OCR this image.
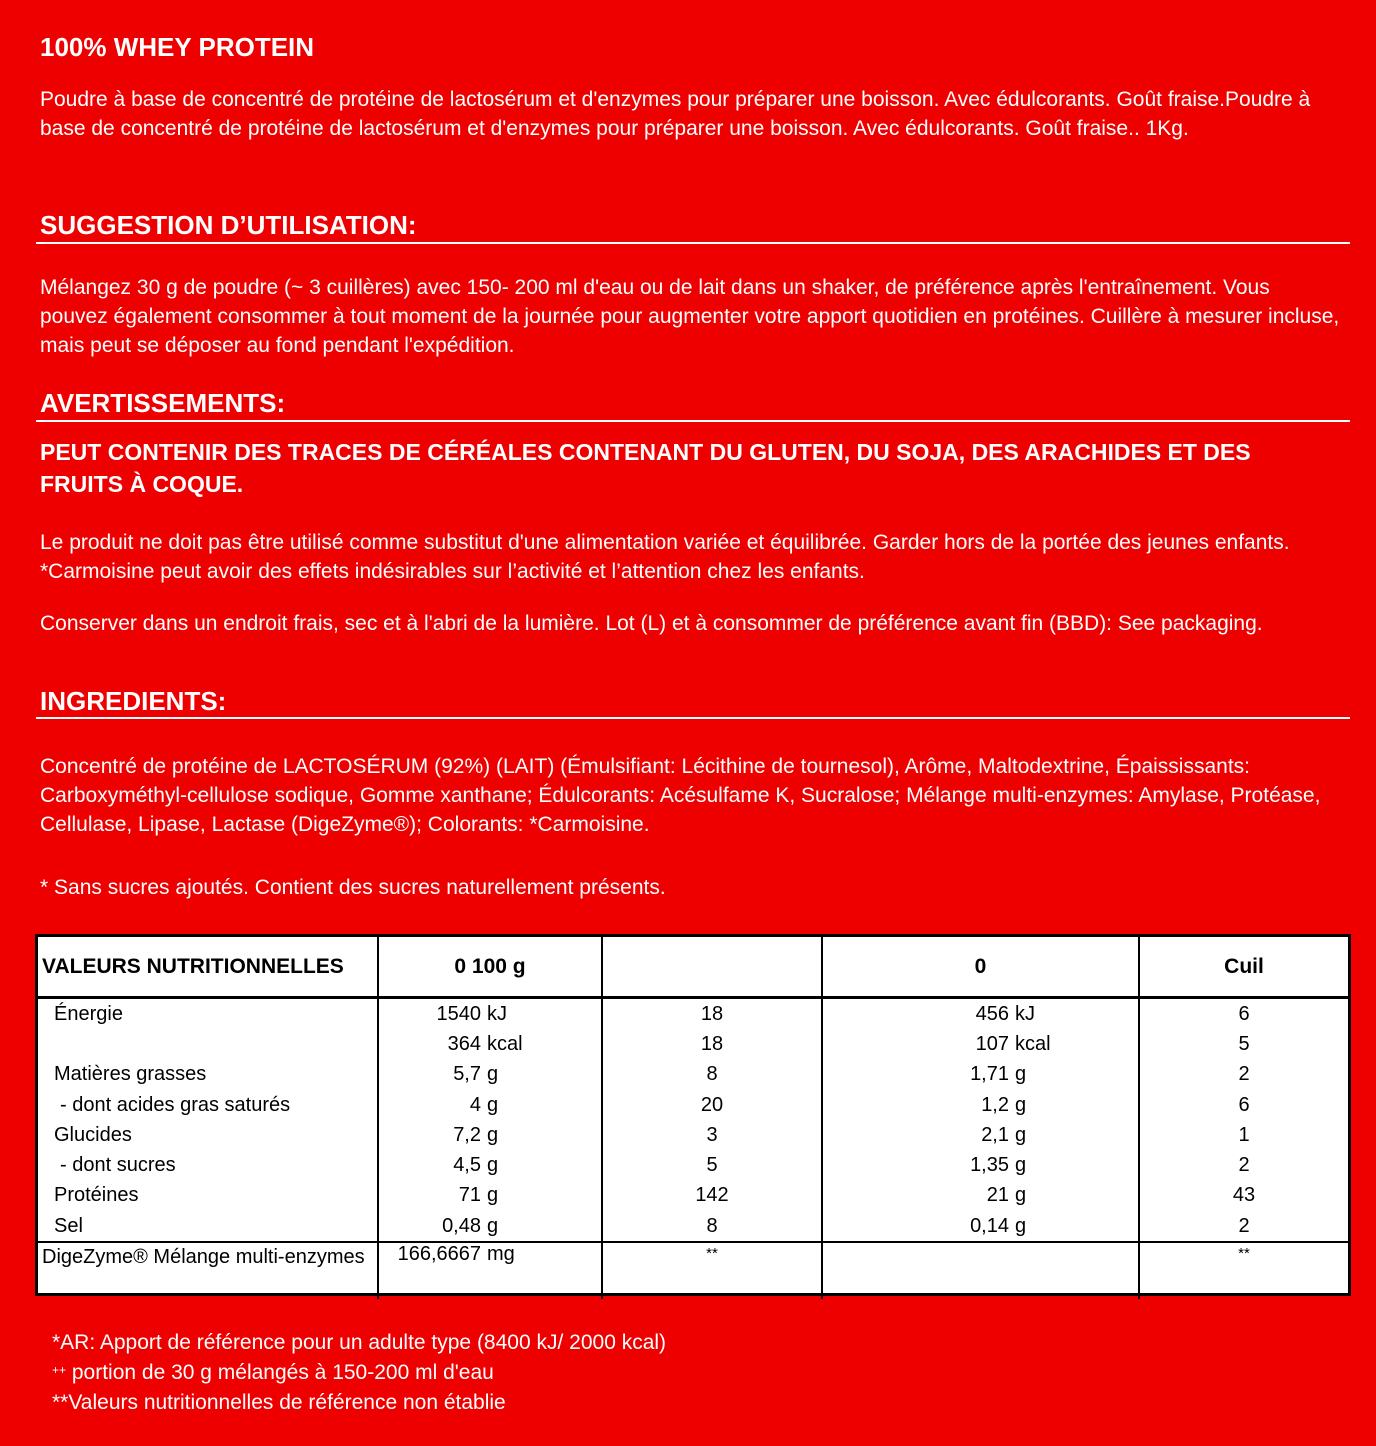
100% WHEY PROTEIN

Poudre à base de concentré de protéine de lactosérum et d'enzymes pour préparer une boisson. Avec édulcorants. Goût fraise.Poudre à base de concentré de protéine de lactosérum et d'enzymes pour préparer une boisson. Avec édulcorants. Goût fraise.. 1Kg.

SUGGESTION D’UTILISATION:

Mélangez 30 g de poudre (~ 3 cuillères) avec 150- 200 ml d'eau ou de lait dans un shaker, de préférence après l'entraînement. Vous pouvez également consommer à tout moment de la journée pour augmenter votre apport quotidien en protéines. Cuillère à mesurer incluse, mais peut se déposer au fond pendant l'expédition.

AVERTISSEMENTS:

PEUT CONTENIR DES TRACES DE CÉRÉALES CONTENANT DU GLUTEN, DU SOJA, DES ARACHIDES ET DES FRUITS À COQUE.

Le produit ne doit pas être utilisé comme substitut d'une alimentation variée et équilibrée. Garder hors de la portée des jeunes enfants. *Carmoisine peut avoir des effets indésirables sur l’activité et l’attention chez les enfants.

Conserver dans un endroit frais, sec et à l'abri de la lumière. Lot (L) et à consommer de préférence avant fin (BBD): See packaging.

INGREDIENTS:

Concentré de protéine de LACTOSÉRUM (92%) (LAIT) (Émulsifiant: Lécithine de tournesol), Arôme, Maltodextrine, Épaississants: Carboxyméthyl-cellulose sodique, Gomme xanthane; Édulcorants: Acésulfame K, Sucralose; Mélange multi-enzymes: Amylase, Protéase, Cellulase, Lipase, Lactase (DigeZyme®); Colorants: *Carmoisine.

* Sans sucres ajoutés. Contient des sucres naturellement présents.

VALEURS NUTRITIONNELLES	0 100 g		0	Cuil
Énergie	1540 kJ	18	456 kJ	6
	364 kcal	18	107 kcal	5
Matières grasses	5,7 g	8	1,71 g	2
- dont acides gras saturés	4 g	20	1,2 g	6
Glucides	7,2 g	3	2,1 g	1
- dont sucres	4,5 g	5	1,35 g	2
Protéines	71 g	142	21 g	43
Sel	0,48 g	8	0,14 g	2
DigeZyme® Mélange multi-enzymes	166,6667 mg	**		**

*AR: Apport de référence pour un adulte type (8400 kJ/ 2000 kcal)

++ portion de 30 g mélangés à 150-200 ml d'eau

**Valeurs nutritionnelles de référence non établie
